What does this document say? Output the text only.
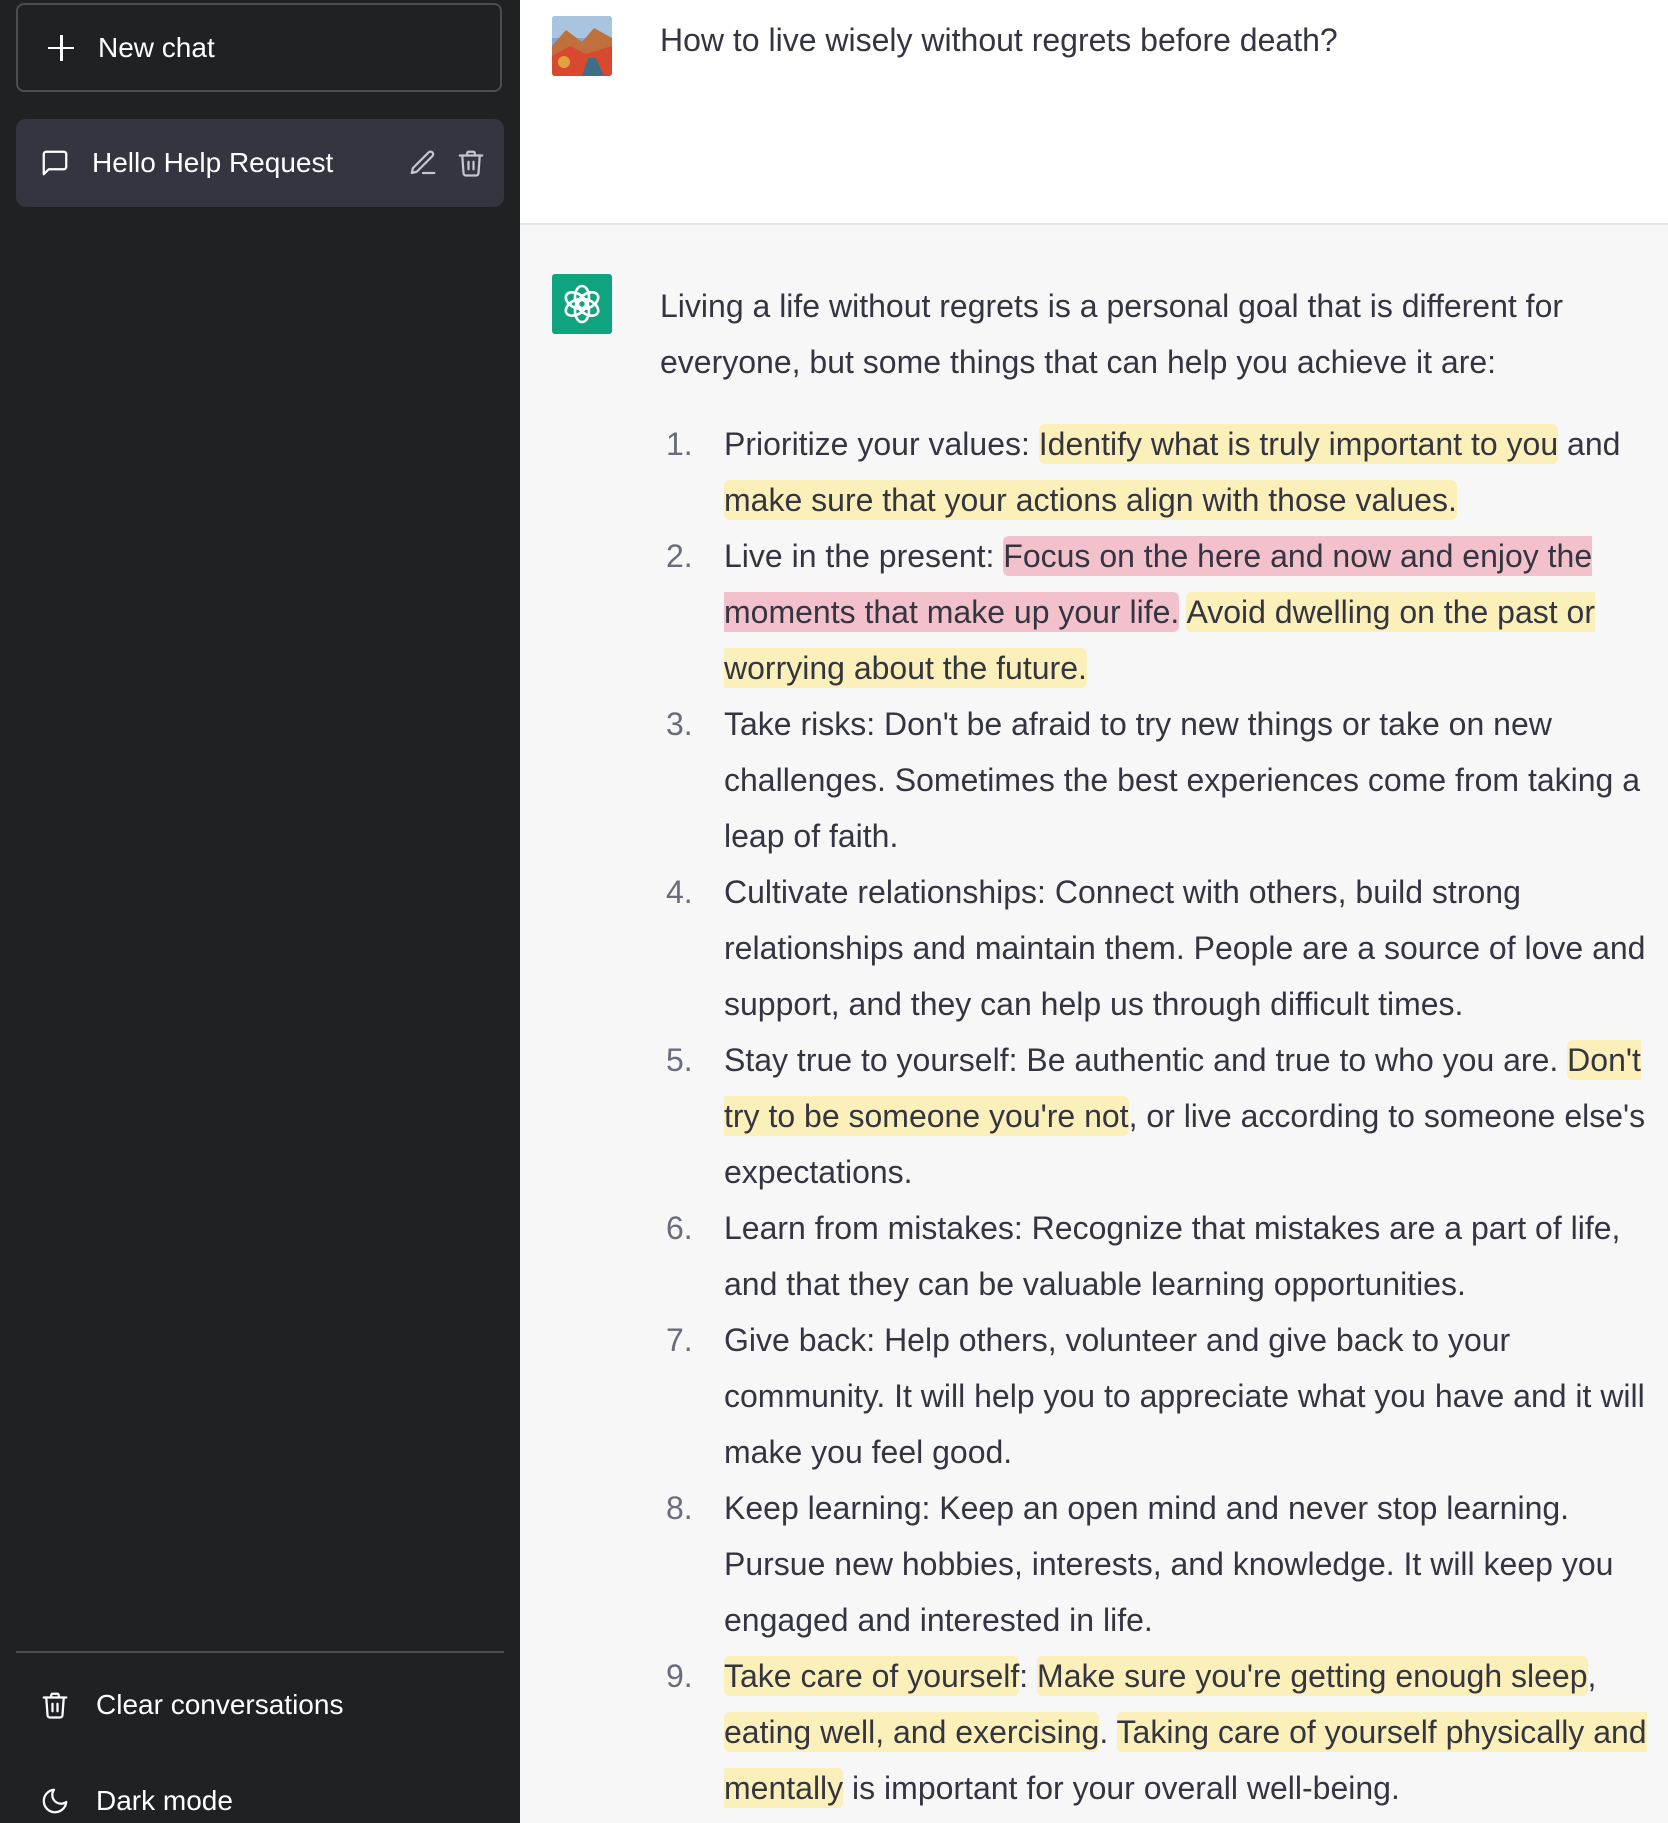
New chat
Hello Help Request
Clear conversations
Dark mode
How to live wisely without regrets before death?

Living a life without regrets is a personal goal that is different for everyone, but some things that can help you achieve it are:

1. Prioritize your values: Identify what is truly important to you and make sure that your actions align with those values.
2. Live in the present: Focus on the here and now and enjoy the moments that make up your life. Avoid dwelling on the past or worrying about the future.
3. Take risks: Don't be afraid to try new things or take on new challenges. Sometimes the best experiences come from taking a leap of faith.
4. Cultivate relationships: Connect with others, build strong relationships and maintain them. People are a source of love and support, and they can help us through difficult times.
5. Stay true to yourself: Be authentic and true to who you are. Don't try to be someone you're not, or live according to someone else's expectations.
6. Learn from mistakes: Recognize that mistakes are a part of life, and that they can be valuable learning opportunities.
7. Give back: Help others, volunteer and give back to your community. It will help you to appreciate what you have and it will make you feel good.
8. Keep learning: Keep an open mind and never stop learning. Pursue new hobbies, interests, and knowledge. It will keep you engaged and interested in life.
9. Take care of yourself: Make sure you're getting enough sleep, eating well, and exercising. Taking care of yourself physically and mentally is important for your overall well-being.
